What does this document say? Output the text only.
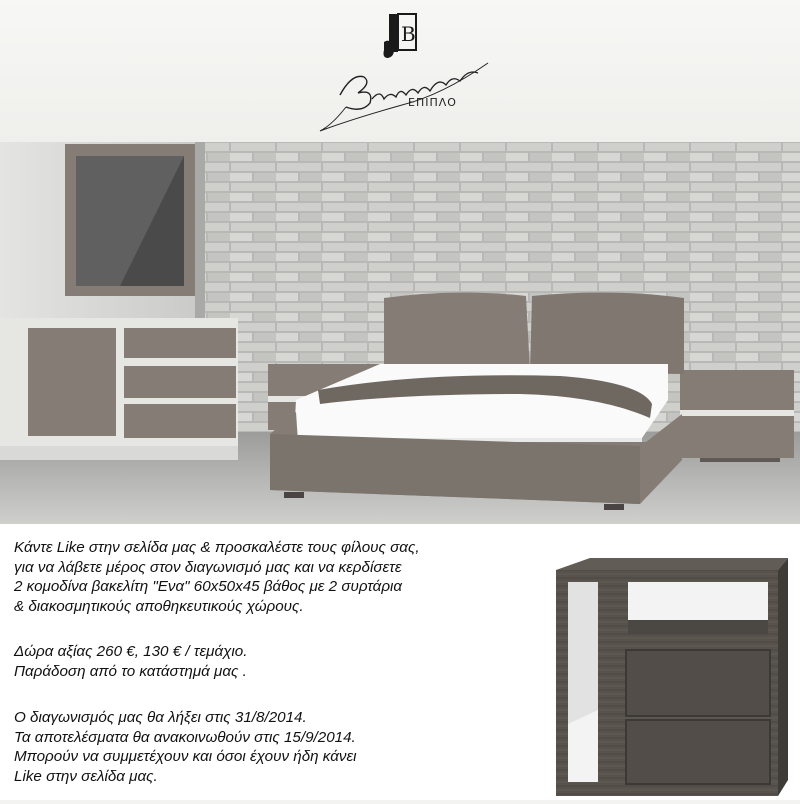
B
ΕΠΙΠΛΟ

Κάντε Like στην σελίδα μας & προσκαλέστε τους φίλους σας,
για να λάβετε μέρος στον διαγωνισμό μας και να κερδίσετε
2 κομοδίνα βακελίτη "Ενα" 60x50x45 βάθος με 2 συρτάρια
& διακοσμητικούς αποθηκευτικούς χώρους.

Δώρα αξίας 260 €, 130 € / τεμάχιο.
Παράδοση από το κατάστημά μας .

Ο διαγωνισμός μας θα λήξει στις 31/8/2014.
Τα αποτελέσματα θα ανακοινωθούν στις 15/9/2014.
Μπορούν να συμμετέχουν και όσοι έχουν ήδη κάνει
Like στην σελίδα μας.
